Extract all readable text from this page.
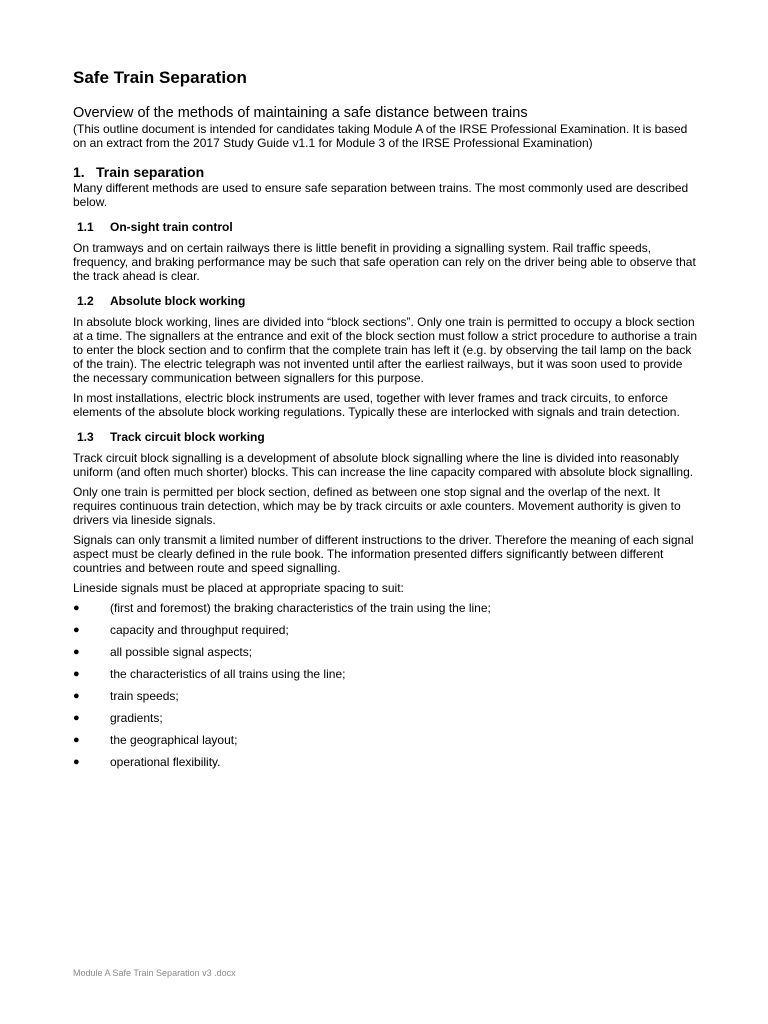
Safe Train Separation
Overview of the methods of maintaining a safe distance between trains
(This outline document is intended for candidates taking Module A of the IRSE Professional Examination. It is based on an extract from the 2017 Study Guide v1.1 for Module 3 of the IRSE Professional Examination)
1. Train separation

Many different methods are used to ensure safe separation between trains. The most commonly used are described below.

1.1 On-sight train control

On tramways and on certain railways there is little benefit in providing a signalling system. Rail traffic speeds, frequency, and braking performance may be such that safe operation can rely on the driver being able to observe that the track ahead is clear.

1.2 Absolute block working

In absolute block working, lines are divided into “block sections”. Only one train is permitted to occupy a block section at a time. The signallers at the entrance and exit of the block section must follow a strict procedure to authorise a train to enter the block section and to confirm that the complete train has left it (e.g. by observing the tail lamp on the back of the train). The electric telegraph was not invented until after the earliest railways, but it was soon used to provide the necessary communication between signallers for this purpose.

In most installations, electric block instruments are used, together with lever frames and track circuits, to enforce elements of the absolute block working regulations. Typically these are interlocked with signals and train detection.

1.3 Track circuit block working

Track circuit block signalling is a development of absolute block signalling where the line is divided into reasonably uniform (and often much shorter) blocks. This can increase the line capacity compared with absolute block signalling.

Only one train is permitted per block section, defined as between one stop signal and the overlap of the next. It requires continuous train detection, which may be by track circuits or axle counters. Movement authority is given to drivers via lineside signals.

Signals can only transmit a limited number of different instructions to the driver. Therefore the meaning of each signal aspect must be clearly defined in the rule book. The information presented differs significantly between different countries and between route and speed signalling.

Lineside signals must be placed at appropriate spacing to suit:

●	(first and foremost) the braking characteristics of the train using the line;
●	capacity and throughput required;
●	all possible signal aspects;
●	the characteristics of all trains using the line;
●	train speeds;
●	gradients;
●	the geographical layout;
●	operational flexibility.
Module A Safe Train Separation v3 .docx
